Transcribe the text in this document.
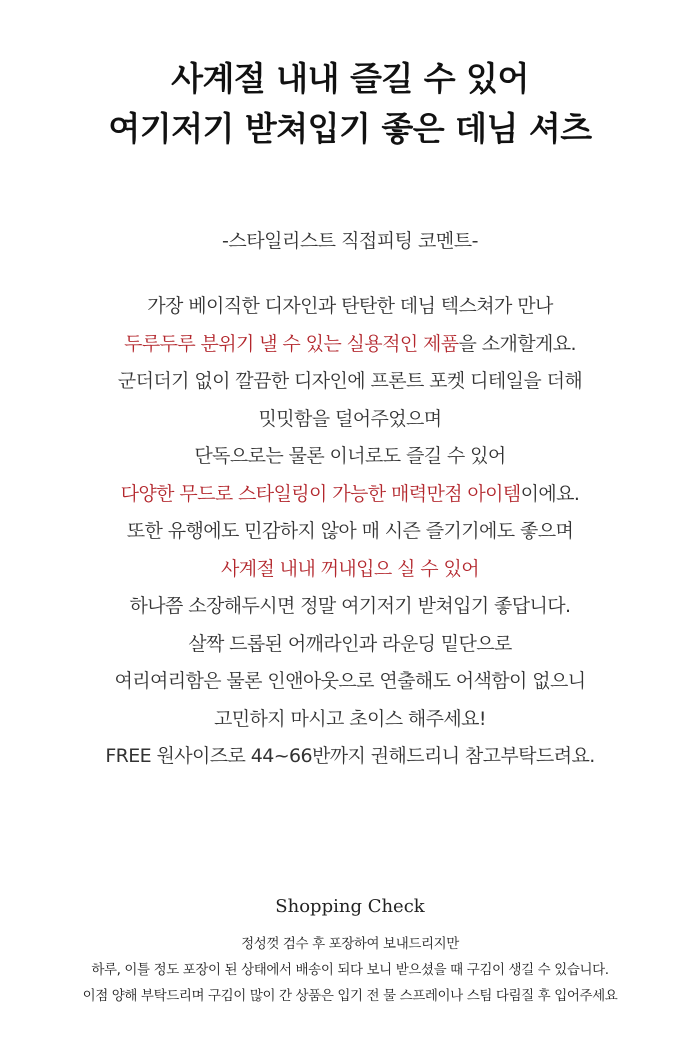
사계절 내내 즐길 수 있어
여기저기 받쳐입기 좋은 데님 셔츠
-스타일리스트 직접피팅 코멘트-
가장 베이직한 디자인과 탄탄한 데님 텍스쳐가 만나
두루두루 분위기 낼 수 있는 실용적인 제품을 소개할게요.
군더더기 없이 깔끔한 디자인에 프론트 포켓 디테일을 더해
밋밋함을 덜어주었으며
단독으로는 물론 이너로도 즐길 수 있어
다양한 무드로 스타일링이 가능한 매력만점 아이템이에요.
또한 유행에도 민감하지 않아 매 시즌 즐기기에도 좋으며
사계절 내내 꺼내입으 실 수 있어
하나쯤 소장해두시면 정말 여기저기 받쳐입기 좋답니다.
살짝 드롭된 어깨라인과 라운딩 밑단으로
여리여리함은 물론 인앤아웃으로 연출해도 어색함이 없으니
고민하지 마시고 초이스 해주세요!
FREE 원사이즈로 44~66반까지 권해드리니 참고부탁드려요.
Shopping Check
정성껏 검수 후 포장하여 보내드리지만
하루, 이틀 정도 포장이 된 상태에서 배송이 되다 보니 받으셨을 때 구김이 생길 수 있습니다.
이점 양해 부탁드리며 구김이 많이 간 상품은 입기 전 물 스프레이나 스팀 다림질 후 입어주세요
